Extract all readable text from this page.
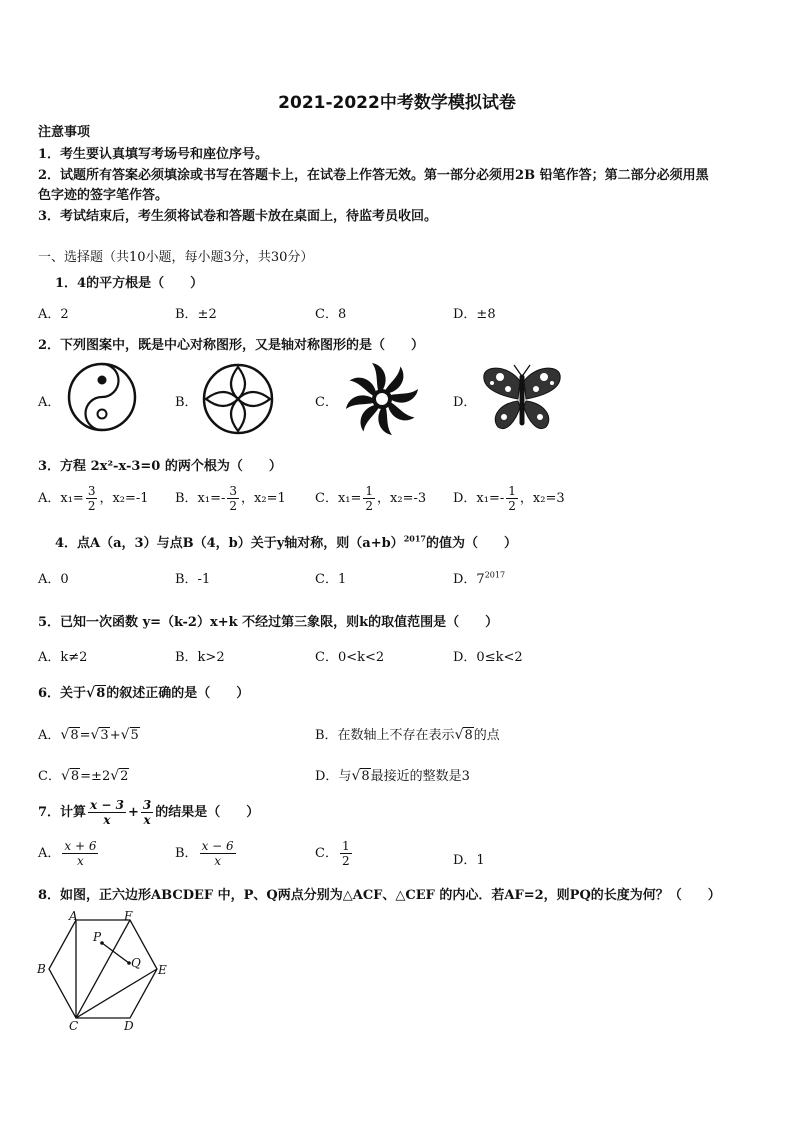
2021-2022中考数学模拟试卷
注意事项
1．考生要认真填写考场号和座位序号。
2．试题所有答案必须填涂或书写在答题卡上，在试卷上作答无效。第一部分必须用2B 铅笔作答；第二部分必须用黑
色字迹的签字笔作答。
3．考试结束后，考生须将试卷和答题卡放在桌面上，待监考员收回。
一、选择题（共10小题，每小题3分，共30分）
1．4的平方根是（　　）
A．2	B．±2	C．8	D．±8
2．下列图案中，既是中心对称图形，又是轴对称图形的是（　　）
A．	B．	C．	D．
3．方程 2x²-x-3=0 的两个根为（　　）
A．$x_1= \frac{3}{2}$ ，x₂=-1 B．$x_1=- \frac{3}{2}$ ，x₂=1 C．$x_1= \frac{1}{2}$ ，x₂=-3 D．$x_1=- \frac{1}{2}$ ，x₂=3
4．点A（a，3）与点B（4，b）关于y轴对称，则$(a+b)^{2017}$的值为（　　）
A．0	B．-1	C．1	D．$7^{2017}$
5．已知一次函数 y=（k-2）x+k 不经过第三象限，则k的取值范围是（　　）
A．k≠2	B．k>2	C．0<k<2	D．0≤k<2
6．关于√8的叙述正确的是（　　）
A．√8=√3+√5	B．在数轴上不存在表示√8的点
C．√8=±2√2	D．与√8最接近的整数是3
7．计算 $\frac{x - 3}{x} + \frac{3}{x}$ 的结果是（　　）
A． $\frac{x + 6}{x}$	B． $\frac{x - 6}{x}$	C． $\frac{1}{2}$	D．1
8．如图，正六边形ABCDEF 中，P、Q两点分别为△ACF、△CEF 的内心．若AF=2，则PQ的长度为何？（　　）
A	F
B	E
C	D
P
Q
